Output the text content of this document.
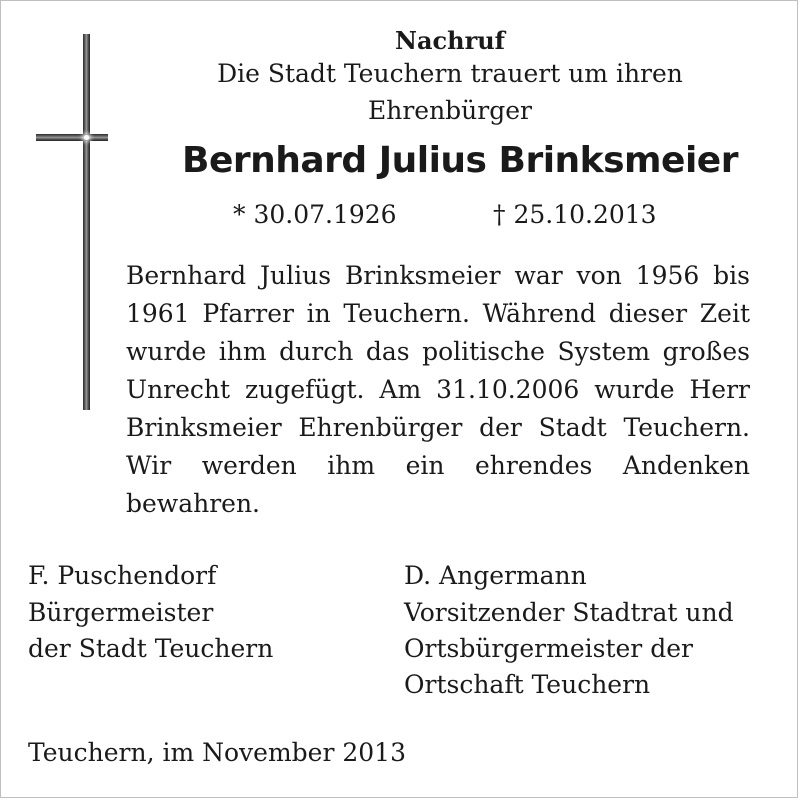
Nachruf
Die Stadt Teuchern trauert um ihren
Ehrenbürger
Bernhard Julius Brinksmeier
* 30.07.1926	† 25.10.2013
Bernhard Julius Brinksmeier war von 1956 bis
1961 Pfarrer in Teuchern. Während dieser Zeit
wurde ihm durch das politische System großes
Unrecht zugefügt. Am 31.10.2006 wurde Herr
Brinksmeier Ehrenbürger der Stadt Teuchern.
Wir werden ihm ein ehrendes Andenken
bewahren.
F. Puschendorf
Bürgermeister
der Stadt Teuchern
D. Angermann
Vorsitzender Stadtrat und
Ortsbürgermeister der
Ortschaft Teuchern
Teuchern, im November 2013
